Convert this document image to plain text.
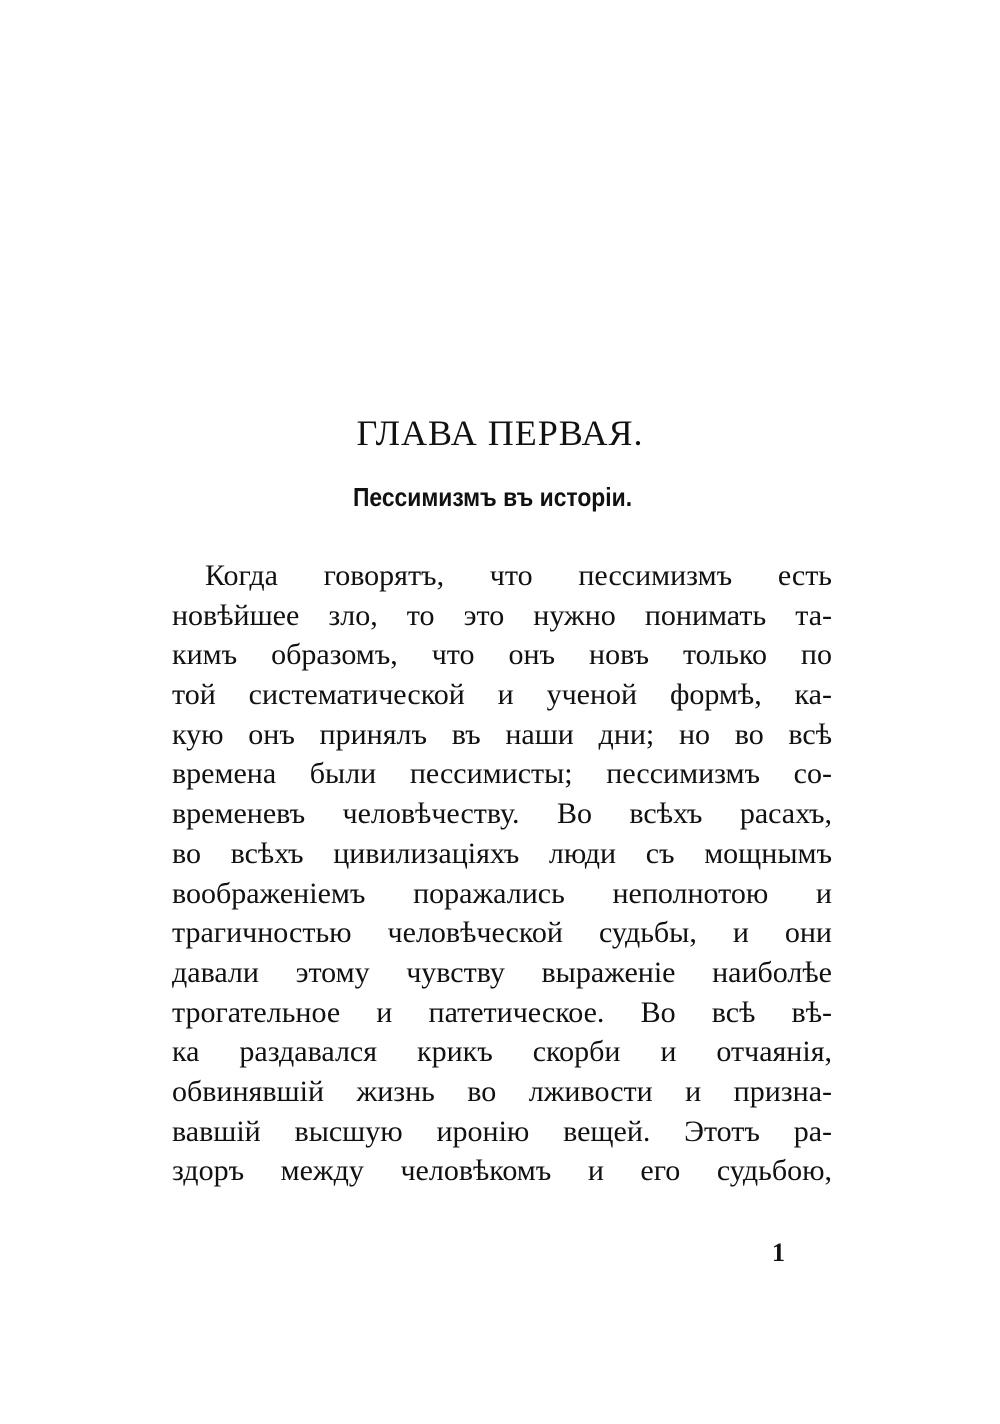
ГЛАВА ПЕРВАЯ.
Пессимизмъ въ исторіи.
Когда говорятъ, что пессимизмъ есть
новѣйшее зло, то это нужно понимать та-
кимъ образомъ, что онъ новъ только по
той систематической и ученой формѣ, ка-
кую онъ принялъ въ наши дни; но во всѣ
времена были пессимисты; пессимизмъ со-
временевъ человѣчеству. Во всѣхъ расахъ,
во всѣхъ цивилизаціяхъ люди съ мощнымъ
воображеніемъ поражались неполнотою и
трагичностью человѣческой судьбы, и они
давали этому чувству выраженіе наиболѣе
трогательное и патетическое. Во всѣ вѣ-
ка раздавался крикъ скорби и отчаянія,
обвинявшій жизнь во лживости и призна-
вавшій высшую иронію вещей. Этотъ ра-
здоръ между человѣкомъ и его судьбою,
1
